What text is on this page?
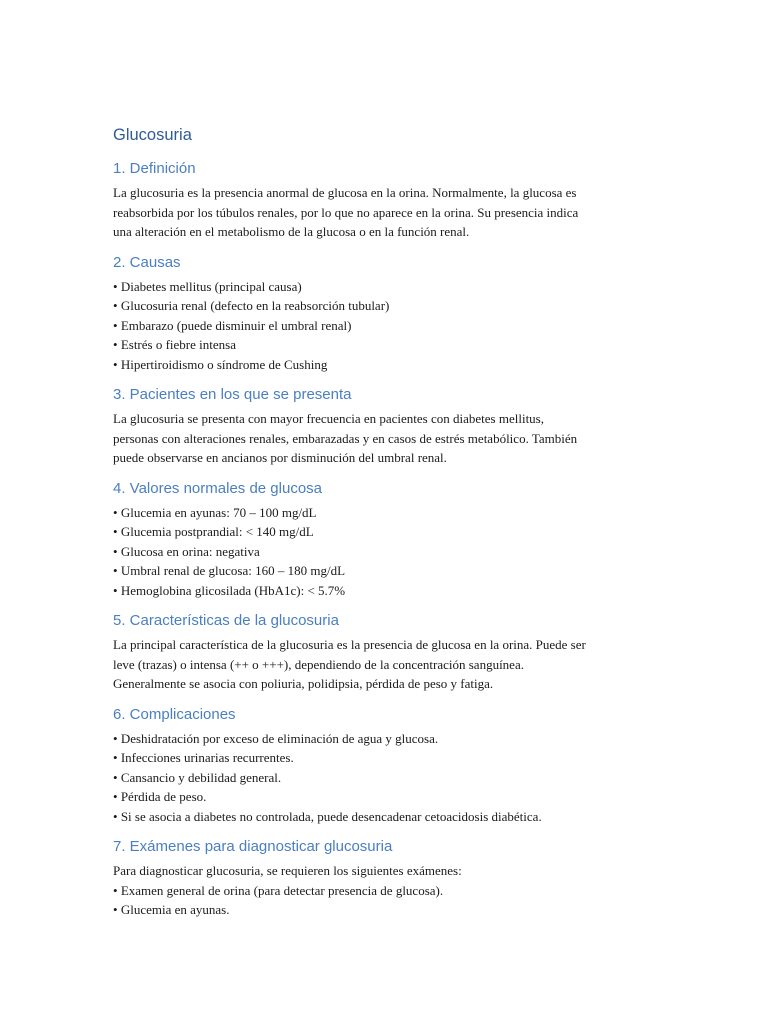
Glucosuria
1. Definición

La glucosuria es la presencia anormal de glucosa en la orina. Normalmente, la glucosa es

reabsorbida por los túbulos renales, por lo que no aparece en la orina. Su presencia indica

una alteración en el metabolismo de la glucosa o en la función renal.

2. Causas
• Diabetes mellitus (principal causa)
• Glucosuria renal (defecto en la reabsorción tubular)
• Embarazo (puede disminuir el umbral renal)
• Estrés o fiebre intensa
• Hipertiroidismo o síndrome de Cushing
3. Pacientes en los que se presenta

La glucosuria se presenta con mayor frecuencia en pacientes con diabetes mellitus,

personas con alteraciones renales, embarazadas y en casos de estrés metabólico. También

puede observarse en ancianos por disminución del umbral renal.

4. Valores normales de glucosa
• Glucemia en ayunas: 70 – 100 mg/dL
• Glucemia postprandial: < 140 mg/dL
• Glucosa en orina: negativa
• Umbral renal de glucosa: 160 – 180 mg/dL
• Hemoglobina glicosilada (HbA1c): < 5.7%
5. Características de la glucosuria

La principal característica de la glucosuria es la presencia de glucosa en la orina. Puede ser

leve (trazas) o intensa (++ o +++), dependiendo de la concentración sanguínea.

Generalmente se asocia con poliuria, polidipsia, pérdida de peso y fatiga.

6. Complicaciones
• Deshidratación por exceso de eliminación de agua y glucosa.
• Infecciones urinarias recurrentes.
• Cansancio y debilidad general.
• Pérdida de peso.
• Si se asocia a diabetes no controlada, puede desencadenar cetoacidosis diabética.
7. Exámenes para diagnosticar glucosuria

Para diagnosticar glucosuria, se requieren los siguientes exámenes:

• Examen general de orina (para detectar presencia de glucosa).
• Glucemia en ayunas.
